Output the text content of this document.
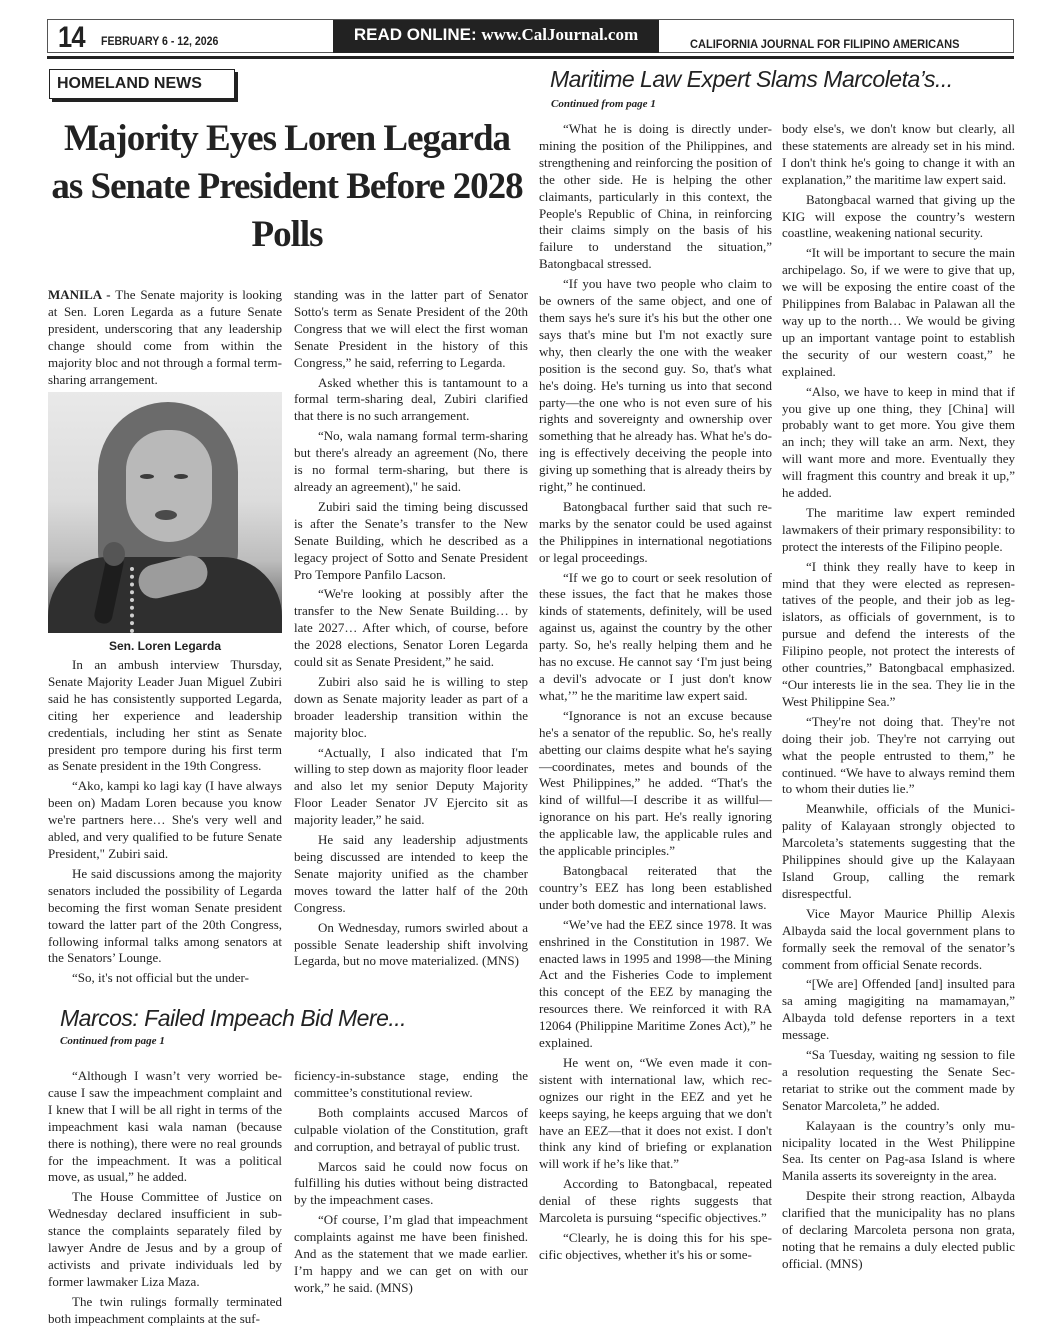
14 FEBRUARY 6 - 12, 2026	READ ONLINE: www.CalJournal.com	CALIFORNIA JOURNAL FOR FILIPINO AMERICANS
HOMELAND NEWS
Majority Eyes Loren Legarda as Senate President Before 2028 Polls

MANILA - The Senate majority is looking at Sen. Loren Legarda as a future Senate president, underscoring that any leadership change should come from within the majority bloc and not through a formal term-sharing arrangement.

Sen. Loren Legarda

In an ambush interview Thursday, Senate Majority Leader Juan Miguel Zubiri said he has consistently supported Legarda, citing her experience and leadership credentials, including her stint as Senate president pro tempore during his first term as Senate president in the 19th Congress.

“Ako, kampi ko lagi kay (I have always been on) Madam Loren because you know we're partners here… She's very well and abled, and very qualified to be future Senate President," Zubiri said.

He said discussions among the majority senators included the possibility of Legarda becoming the first woman Senate president toward the latter part of the 20th Congress, following informal talks among senators at the Senators’ Lounge.

“So, it's not official but the under-

standing was in the latter part of Senator Sotto's term as Senate President of the 20th Congress that we will elect the first woman Senate President in the history of this Congress,” he said, referring to Legarda.

Asked whether this is tantamount to a formal term-sharing deal, Zubiri clarified that there is no such arrangement.

“No, wala namang formal term-sharing but there's already an agreement (No, there is no formal term-sharing, but there is already an agreement)," he said.

Zubiri said the timing being discussed is after the Senate’s transfer to the New Senate Building, which he described as a legacy project of Sotto and Senate President Pro Tempore Panfilo Lacson.

“We're looking at possibly after the transfer to the New Senate Building… by late 2027… After which, of course, before the 2028 elections, Senator Loren Legarda could sit as Senate President,” he said.

Zubiri also said he is willing to step down as Senate majority leader as part of a broader leadership transition within the majority bloc.

“Actually, I also indicated that I'm willing to step down as majority floor leader and also let my senior Deputy Majority Floor Leader Senator JV Ejercito sit as majority leader,” he said.

He said any leadership adjustments being discussed are intended to keep the Senate majority unified as the chamber moves toward the latter half of the 20th Congress.

On Wednesday, rumors swirled about a possible Senate leadership shift involving Legarda, but no move materialized. (MNS)

Marcos: Failed Impeach Bid Mere...
Continued from page 1

“Although I wasn’t very worried because I saw the impeachment complaint and I knew that I will be all right in terms of the impeachment kasi wala naman (because there is nothing), there were no real grounds for the impeachment. It was a political move, as usual,” he added.

The House Committee of Justice on Wednesday declared insufficient in substance the complaints separately filed by lawyer Andre de Jesus and by a group of activists and private individuals led by former lawmaker Liza Maza.

The twin rulings formally terminated both impeachment complaints at the suf-

ficiency-in-substance stage, ending the committee’s constitutional review.

Both complaints accused Marcos of culpable violation of the Constitution, graft and corruption, and betrayal of public trust.

Marcos said he could now focus on fulfilling his duties without being distracted by the impeachment cases.

“Of course, I’m glad that impeachment complaints against me have been finished. And as the statement that we made earlier. I’m happy and we can get on with our work,” he said. (MNS)

Maritime Law Expert Slams Marcoleta’s...
Continued from page 1

“What he is doing is directly undermining the position of the Philippines, and strengthening and reinforcing the position of the other side. He is helping the other claimants, particularly in this context, the People's Republic of China, in reinforcing their claims simply on the basis of his failure to understand the situation,” Batongbacal stressed.

“If you have two people who claim to be owners of the same object, and one of them says he's sure it's his but the other one says that's mine but I'm not exactly sure why, then clearly the one with the weaker position is the second guy. So, that's what he's doing. He's turning us into that second party—the one who is not even sure of his rights and sovereignty and ownership over something that he already has. What he's doing is effectively deceiving the people into giving up something that is already theirs by right,” he continued.

Batongbacal further said that such remarks by the senator could be used against the Philippines in international negotiations or legal proceedings.

“If we go to court or seek resolution of these issues, the fact that he makes those kinds of statements, definitely, will be used against us, against the country by the other party. So, he's really helping them and he has no excuse. He cannot say ‘I'm just being a devil's advocate or I just don't know what,’” he the maritime law expert said.

“Ignorance is not an excuse because he's a senator of the republic. So, he's really abetting our claims despite what he's saying—coordinates, metes and bounds of the West Philippines,” he added. “That's the kind of willful—I describe it as willful—ignorance on his part. He's really ignoring the applicable law, the applicable rules and the applicable principles.”

Batongbacal reiterated that the country’s EEZ has long been established under both domestic and international laws.

“We’ve had the EEZ since 1978. It was enshrined in the Constitution in 1987. We enacted laws in 1995 and 1998—the Mining Act and the Fisheries Code to implement this concept of the EEZ by managing the resources there. We reinforced it with RA 12064 (Philippine Maritime Zones Act),” he explained.

He went on, “We even made it consistent with international law, which recognizes our right in the EEZ and yet he keeps saying, he keeps arguing that we don't have an EEZ—that it does not exist. I don't think any kind of briefing or explanation will work if he’s like that.”

According to Batongbacal, repeated denial of these rights suggests that Marcoleta is pursuing “specific objectives.”

“Clearly, he is doing this for his specific objectives, whether it's his or some-

body else's, we don't know but clearly, all these statements are already set in his mind. I don't think he's going to change it with an explanation,” the maritime law expert said.

Batongbacal warned that giving up the KIG will expose the country’s western coastline, weakening national security.

“It will be important to secure the main archipelago. So, if we were to give that up, we will be exposing the entire coast of the Philippines from Balabac in Palawan all the way up to the north… We would be giving up an important vantage point to establish the security of our western coast,” he explained.

“Also, we have to keep in mind that if you give up one thing, they [China] will probably want to get more. You give them an inch; they will take an arm. Next, they will want more and more. Eventually they will fragment this country and break it up,” he added.

The maritime law expert reminded lawmakers of their primary responsibility: to protect the interests of the Filipino people.

“I think they really have to keep in mind that they were elected as representatives of the people, and their job as legislators, as officials of government, is to pursue and defend the interests of the Filipino people, not protect the interests of other countries,” Batongbacal emphasized. “Our interests lie in the sea. They lie in the West Philippine Sea.”

“They're not doing that. They're not doing their job. They're not carrying out what the people entrusted to them,” he continued. “We have to always remind them to whom their duties lie.”

Meanwhile, officials of the Municipality of Kalayaan strongly objected to Marcoleta’s statements suggesting that the Philippines should give up the Kalayaan Island Group, calling the remark disrespectful.

Vice Mayor Maurice Phillip Alexis Albayda said the local government plans to formally seek the removal of the senator’s comment from official Senate records.

“[We are] Offended [and] insulted para sa aming magigiting na mamamayan,” Albayda told defense reporters in a text message.

“Sa Tuesday, waiting ng session to file a resolution requesting the Senate Secretariat to strike out the comment made by Senator Marcoleta,” he added.

Kalayaan is the country’s only municipality located in the West Philippine Sea. Its center on Pag-asa Island is where Manila asserts its sovereignty in the area.

Despite their strong reaction, Albayda clarified that the municipality has no plans of declaring Marcoleta persona non grata, noting that he remains a duly elected public official. (MNS)
